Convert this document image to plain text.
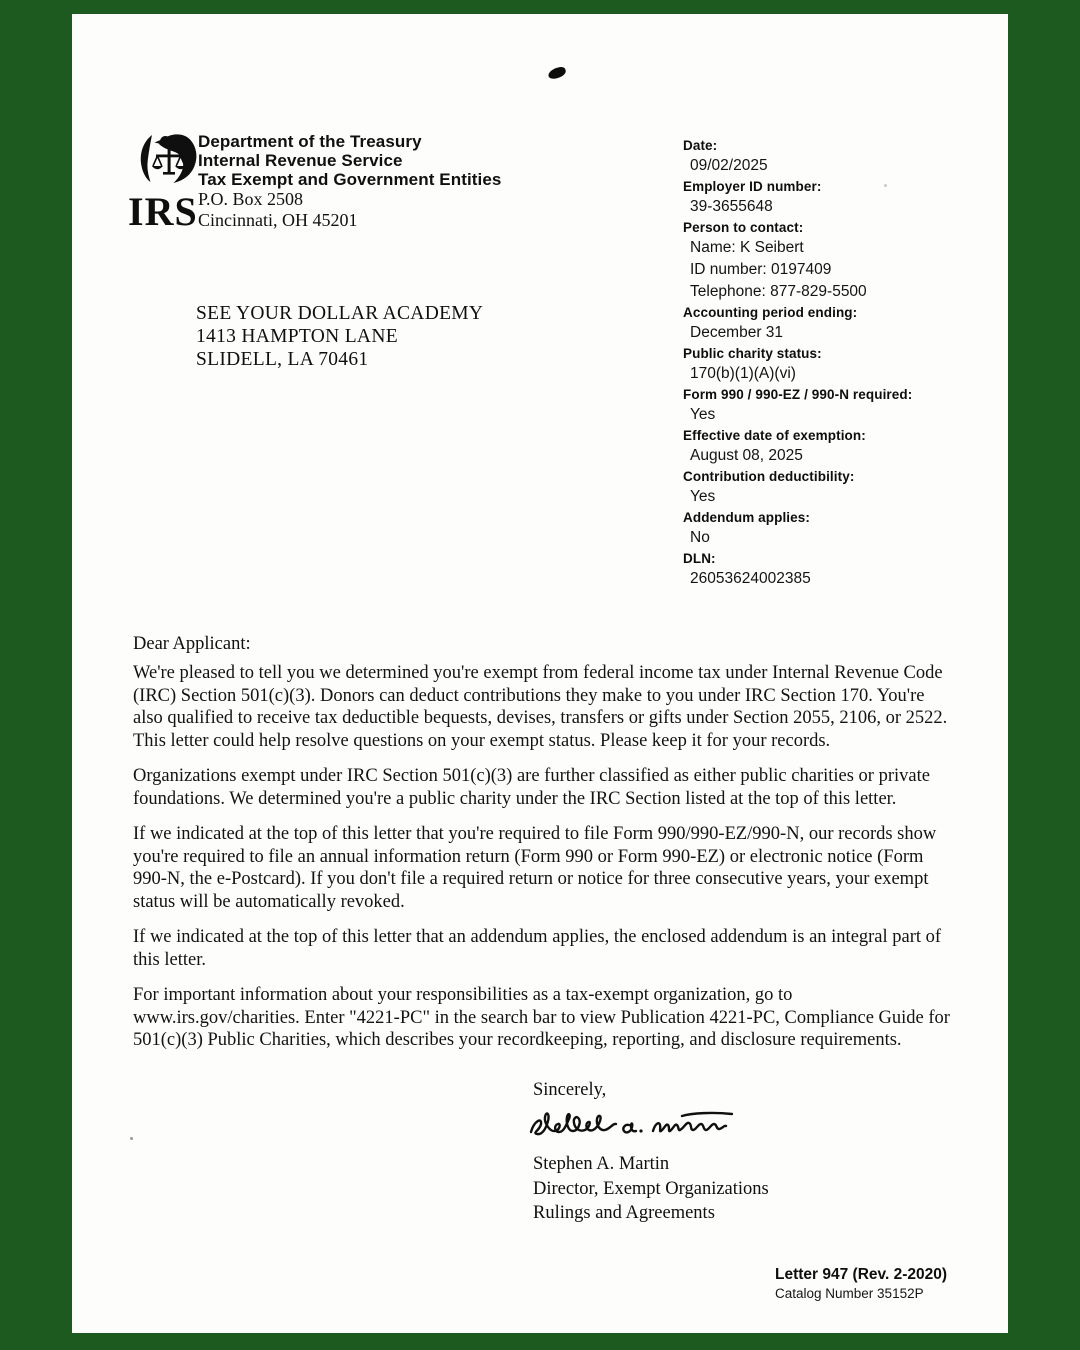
IRS
Department of the Treasury
Internal Revenue Service
Tax Exempt and Government Entities
P.O. Box 2508
Cincinnati, OH 45201
SEE YOUR DOLLAR ACADEMY
1413 HAMPTON LANE
SLIDELL, LA 70461
Date:
09/02/2025
Employer ID number:
39-3655648
Person to contact:
Name: K Seibert
ID number: 0197409
Telephone: 877-829-5500
Accounting period ending:
December 31
Public charity status:
170(b)(1)(A)(vi)
Form 990 / 990-EZ / 990-N required:
Yes
Effective date of exemption:
August 08, 2025
Contribution deductibility:
Yes
Addendum applies:
No
DLN:
26053624002385
Dear Applicant:

We're pleased to tell you we determined you're exempt from federal income tax under Internal Revenue Code (IRC) Section 501(c)(3). Donors can deduct contributions they make to you under IRC Section 170. You're also qualified to receive tax deductible bequests, devises, transfers or gifts under Section 2055, 2106, or 2522. This letter could help resolve questions on your exempt status. Please keep it for your records.

Organizations exempt under IRC Section 501(c)(3) are further classified as either public charities or private foundations. We determined you're a public charity under the IRC Section listed at the top of this letter.

If we indicated at the top of this letter that you're required to file Form 990/990-EZ/990-N, our records show you're required to file an annual information return (Form 990 or Form 990-EZ) or electronic notice (Form 990-N, the e-Postcard). If you don't file a required return or notice for three consecutive years, your exempt status will be automatically revoked.

If we indicated at the top of this letter that an addendum applies, the enclosed addendum is an integral part of this letter.

For important information about your responsibilities as a tax-exempt organization, go to www.irs.gov/charities. Enter "4221-PC" in the search bar to view Publication 4221-PC, Compliance Guide for 501(c)(3) Public Charities, which describes your recordkeeping, reporting, and disclosure requirements.

Sincerely,
Stephen A. Martin
Director, Exempt Organizations
Rulings and Agreements
Letter 947 (Rev. 2-2020)
Catalog Number 35152P
